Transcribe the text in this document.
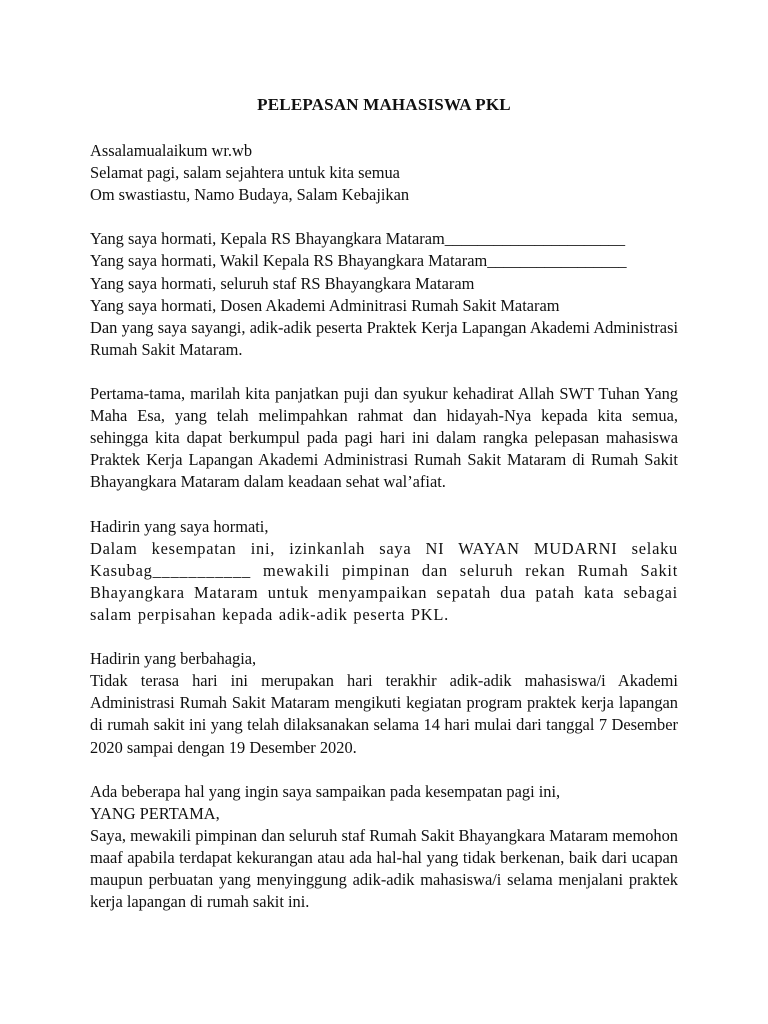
PELEPASAN MAHASISWA PKL
Assalamualaikum wr.wb
Selamat pagi, salam sejahtera untuk kita semua
Om swastiastu, Namo Budaya, Salam Kebajikan
Yang saya hormati, Kepala RS Bhayangkara Mataram______________________
Yang saya hormati, Wakil Kepala RS Bhayangkara Mataram_________________
Yang saya hormati, seluruh staf RS Bhayangkara Mataram
Yang saya hormati, Dosen Akademi Adminitrasi Rumah Sakit Mataram
Dan yang saya sayangi, adik-adik peserta Praktek Kerja Lapangan Akademi Administrasi Rumah Sakit Mataram.
Pertama-tama, marilah kita panjatkan puji dan syukur kehadirat Allah SWT Tuhan Yang Maha Esa, yang telah melimpahkan rahmat dan hidayah-Nya kepada kita semua, sehingga kita dapat berkumpul pada pagi hari ini dalam rangka pelepasan mahasiswa Praktek Kerja Lapangan Akademi Administrasi Rumah Sakit Mataram di Rumah Sakit Bhayangkara Mataram dalam keadaan sehat wal’afiat.
Hadirin yang saya hormati,
Dalam kesempatan ini, izinkanlah saya NI WAYAN MUDARNI selaku Kasubag___________ mewakili pimpinan dan seluruh rekan Rumah Sakit Bhayangkara Mataram untuk menyampaikan sepatah dua patah kata sebagai salam perpisahan kepada adik-adik peserta PKL.
Hadirin yang berbahagia,
Tidak terasa hari ini merupakan hari terakhir adik-adik mahasiswa/i Akademi Administrasi Rumah Sakit Mataram mengikuti kegiatan program praktek kerja lapangan di rumah sakit ini yang telah dilaksanakan selama 14 hari mulai dari tanggal 7 Desember 2020 sampai dengan 19 Desember 2020.
Ada beberapa hal yang ingin saya sampaikan pada kesempatan pagi ini,
YANG PERTAMA,
Saya, mewakili pimpinan dan seluruh staf Rumah Sakit Bhayangkara Mataram memohon maaf apabila terdapat kekurangan atau ada hal-hal yang tidak berkenan, baik dari ucapan maupun perbuatan yang menyinggung adik-adik mahasiswa/i selama menjalani praktek kerja lapangan di rumah sakit ini.
